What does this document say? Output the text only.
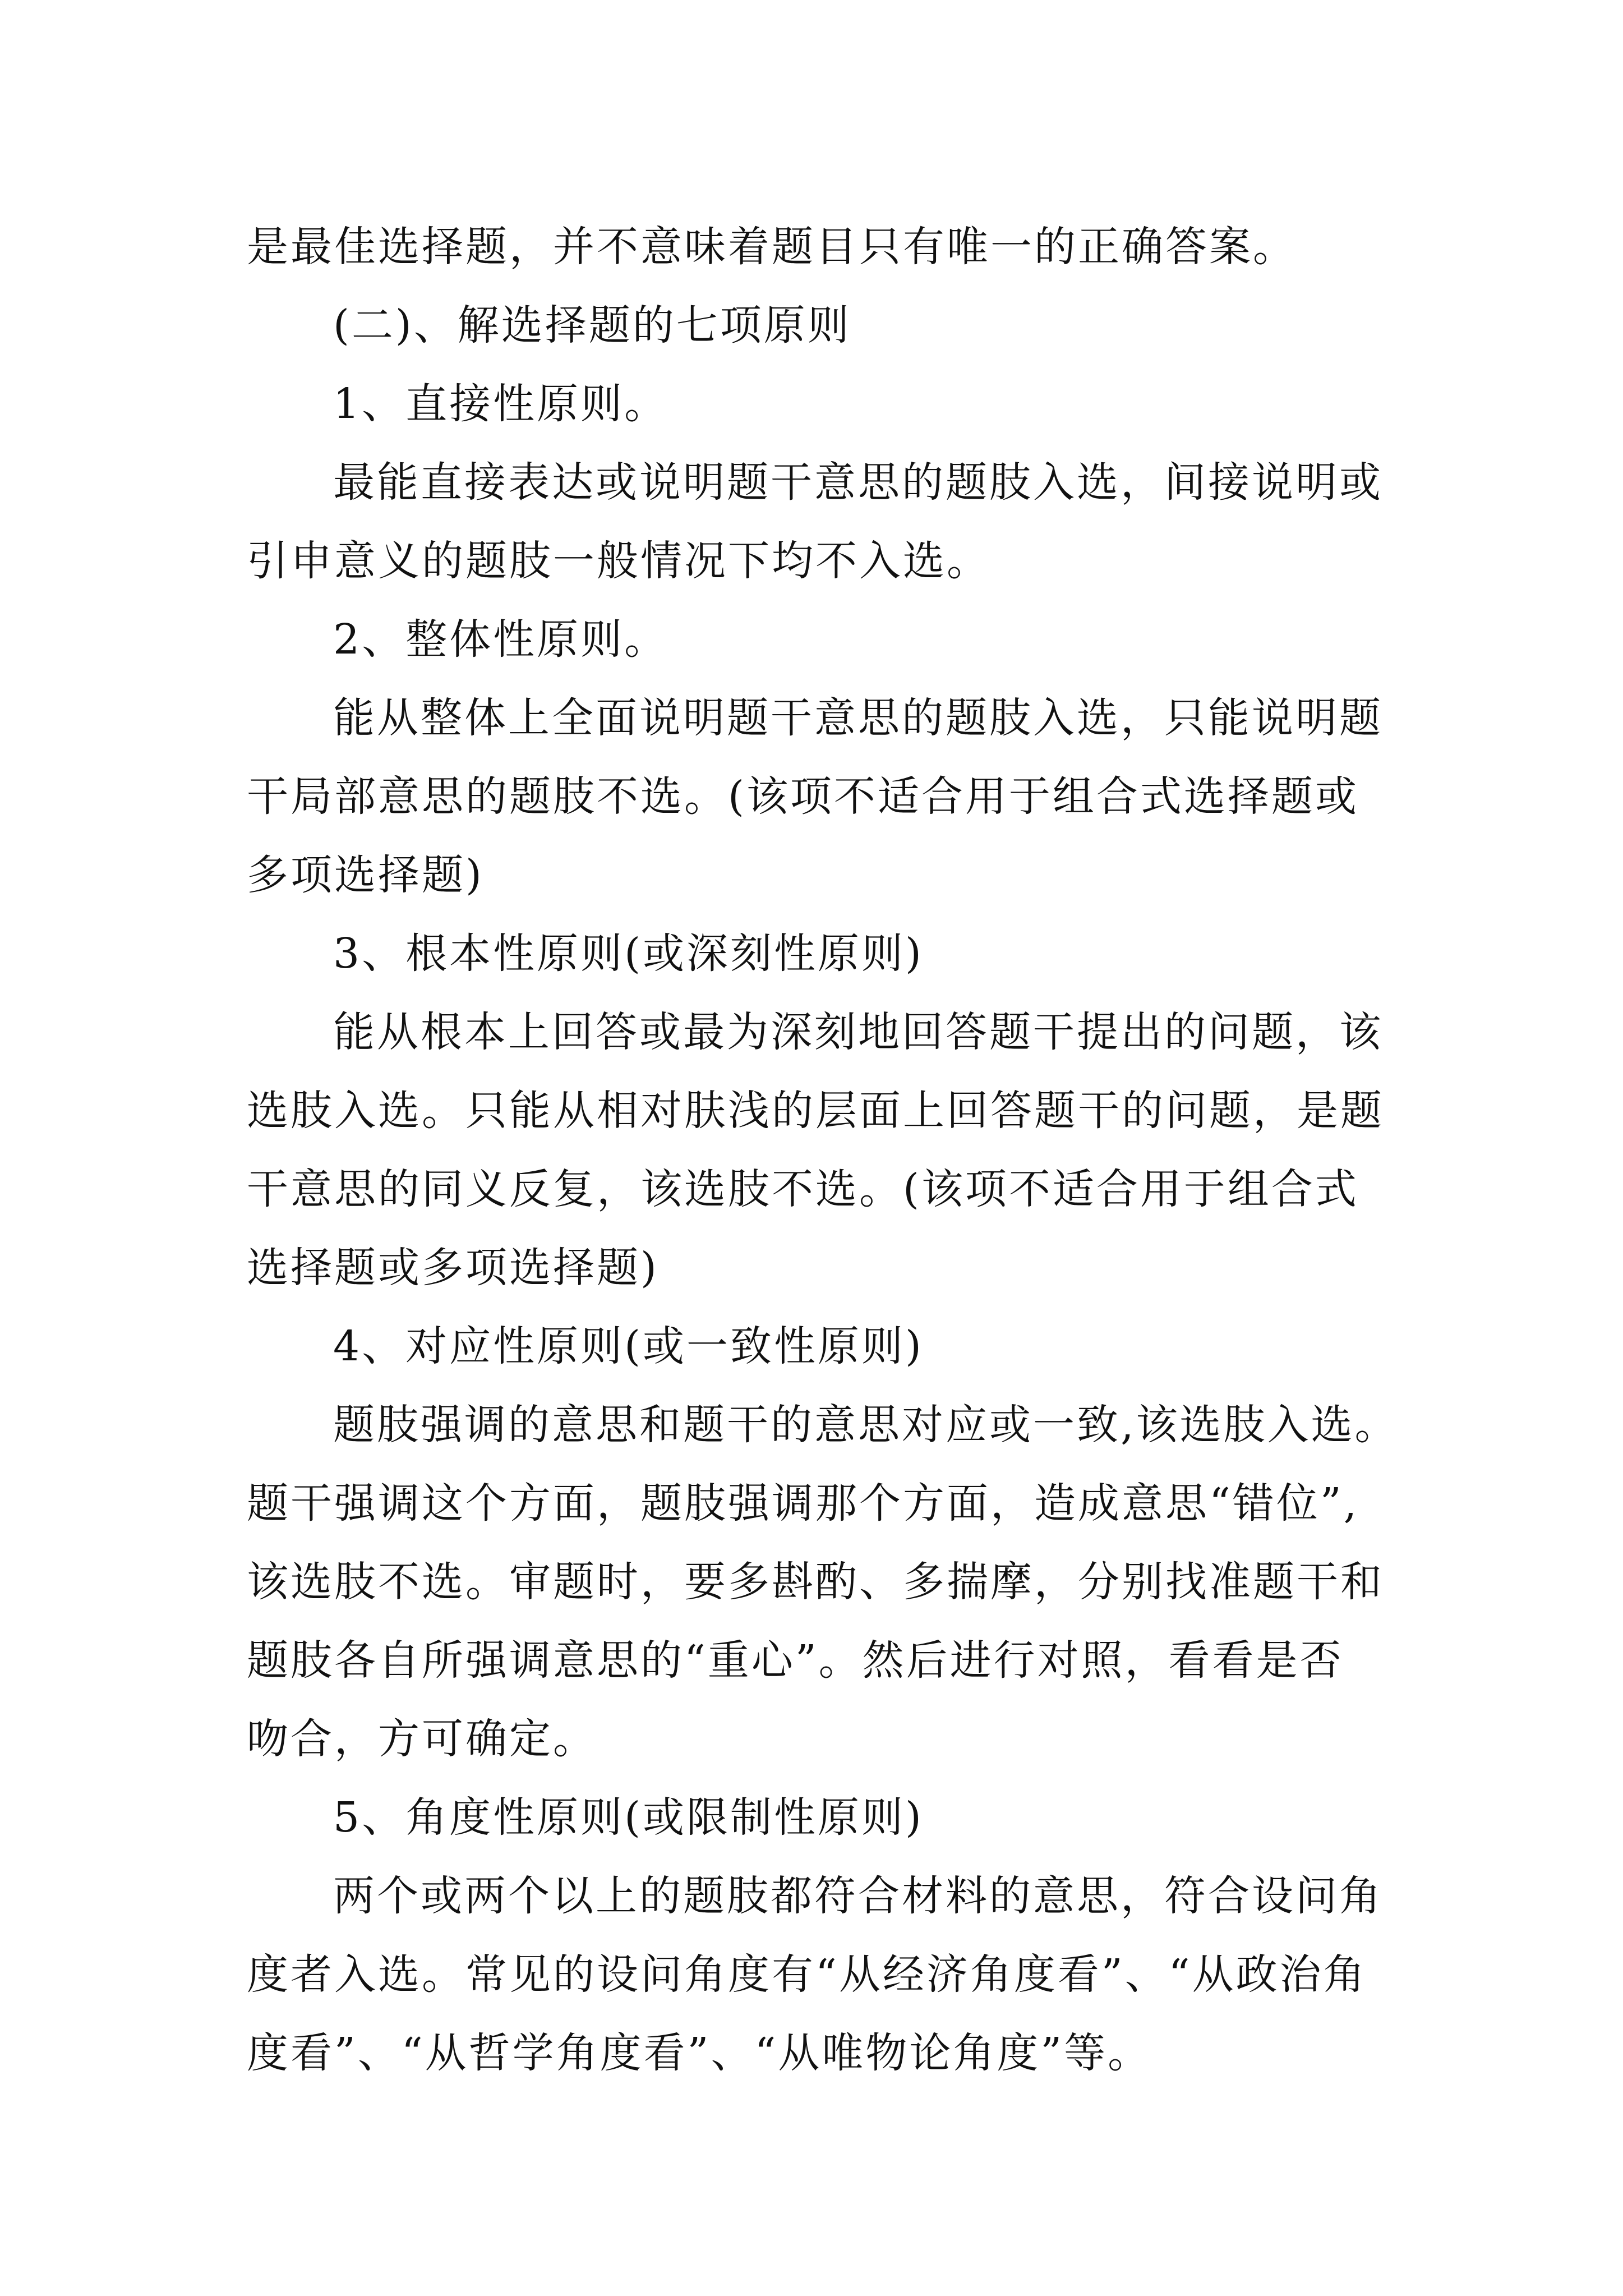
是最佳选择题，并不意味着题目只有唯一的正确答案。
(二)、解选择题的七项原则
1、直接性原则。
最能直接表达或说明题干意思的题肢入选，间接说明或
引申意义的题肢一般情况下均不入选。
2、整体性原则。
能从整体上全面说明题干意思的题肢入选，只能说明题
干局部意思的题肢不选。(该项不适合用于组合式选择题或
多项选择题)
3、根本性原则(或深刻性原则)
能从根本上回答或最为深刻地回答题干提出的问题，该
选肢入选。只能从相对肤浅的层面上回答题干的问题，是题
干意思的同义反复，该选肢不选。(该项不适合用于组合式
选择题或多项选择题)
4、对应性原则(或一致性原则)
题肢强调的意思和题干的意思对应或一致,该选肢入选。
题干强调这个方面，题肢强调那个方面，造成意思“错位”,
该选肢不选。审题时，要多斟酌、多揣摩，分别找准题干和
题肢各自所强调意思的“重心”。然后进行对照，看看是否
吻合，方可确定。
5、角度性原则(或限制性原则)
两个或两个以上的题肢都符合材料的意思，符合设问角
度者入选。常见的设问角度有“从经济角度看”、“从政治角
度看”、“从哲学角度看”、“从唯物论角度”等。
